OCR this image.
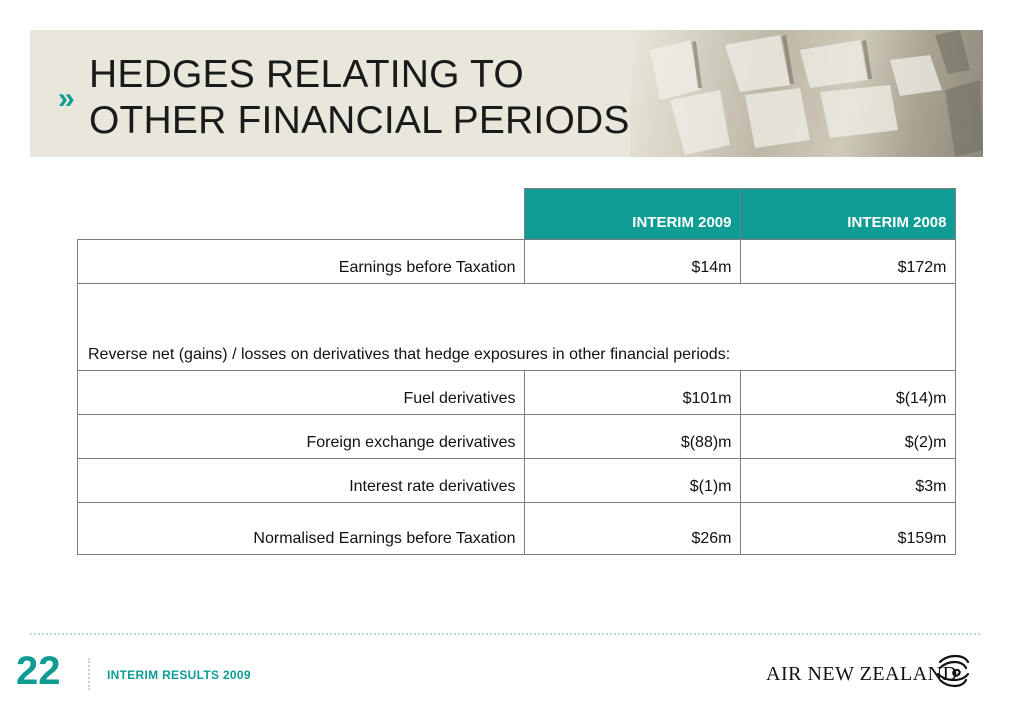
»
HEDGES RELATING TO
OTHER FINANCIAL PERIODS
	INTERIM 2009	INTERIM 2008
Earnings before Taxation	$14m	$172m
Reverse net (gains) / losses on derivatives that hedge exposures in other financial periods:		
Fuel derivatives	$101m	$(14)m
Foreign exchange derivatives	$(88)m	$(2)m
Interest rate derivatives	$(1)m	$3m
Normalised Earnings before Taxation	$26m	$159m
22	INTERIM RESULTS 2009	AIR NEW ZEALAND
